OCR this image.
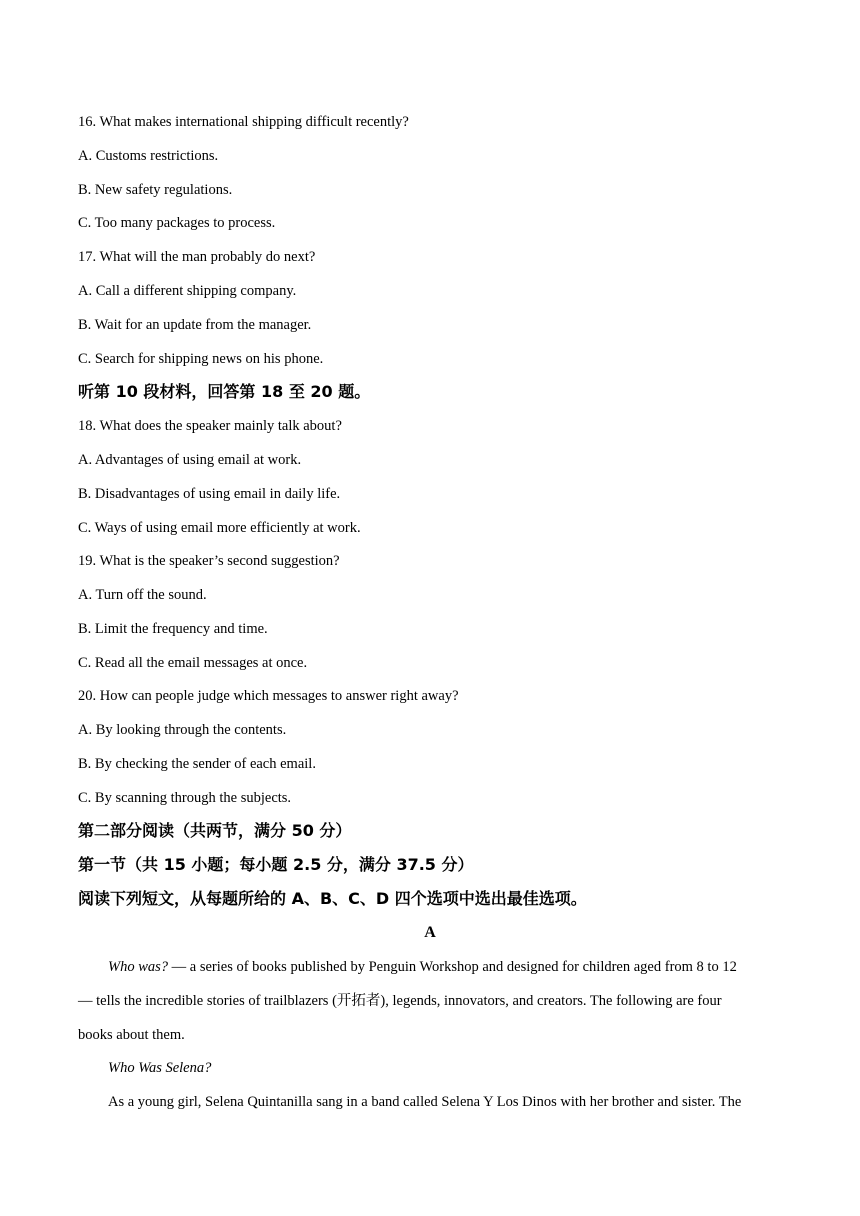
16. What makes international shipping difficult recently?
A. Customs restrictions.
B. New safety regulations.
C. Too many packages to process.
17. What will the man probably do next?
A. Call a different shipping company.
B. Wait for an update from the manager.
C. Search for shipping news on his phone.
听第 10 段材料，回答第 18 至 20 题。
18. What does the speaker mainly talk about?
A. Advantages of using email at work.
B. Disadvantages of using email in daily life.
C. Ways of using email more efficiently at work.
19. What is the speaker’s second suggestion?
A. Turn off the sound.
B. Limit the frequency and time.
C. Read all the email messages at once.
20. How can people judge which messages to answer right away?
A. By looking through the contents.
B. By checking the sender of each email.
C. By scanning through the subjects.
第二部分阅读（共两节，满分 50 分）
第一节（共 15 小题；每小题 2.5 分，满分 37.5 分）
阅读下列短文，从每题所给的 A、B、C、D 四个选项中选出最佳选项。
A
Who was? — a series of books published by Penguin Workshop and designed for children aged from 8 to 12
— tells the incredible stories of trailblazers (开拓者), legends, innovators, and creators. The following are four
books about them.
Who Was Selena?
As a young girl, Selena Quintanilla sang in a band called Selena Y Los Dinos with her brother and sister. The
